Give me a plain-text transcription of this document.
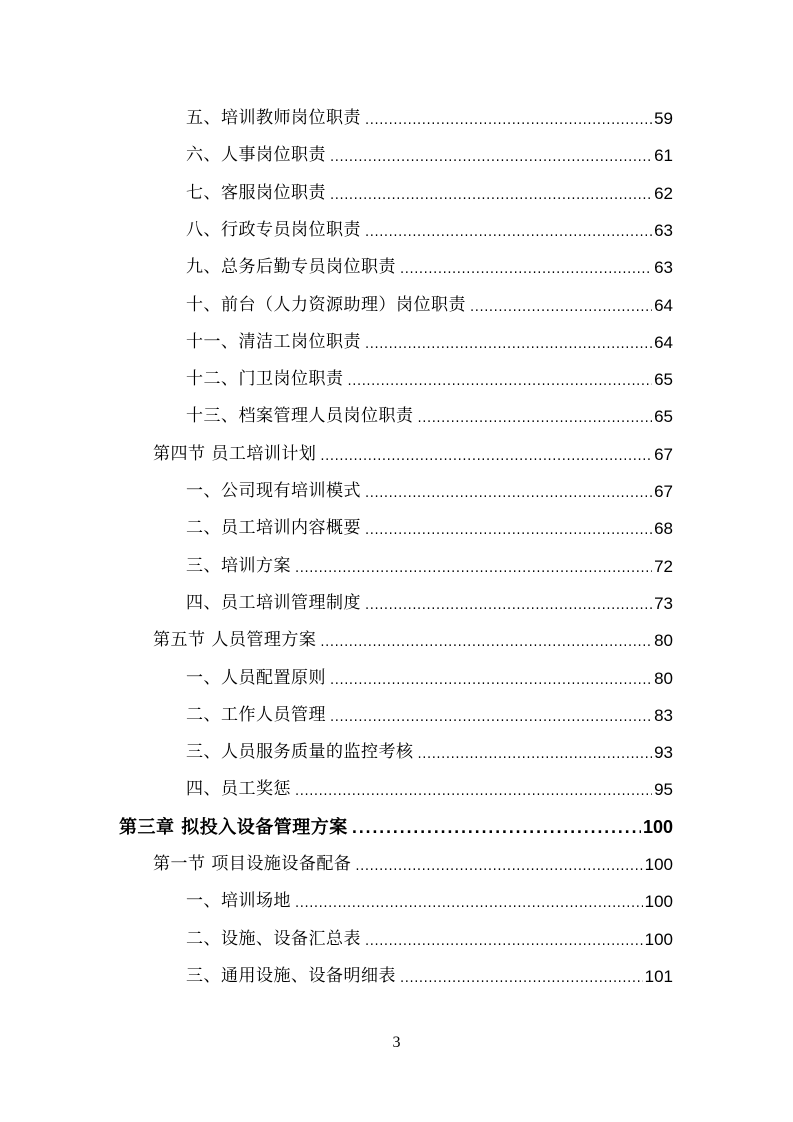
五、培训教师岗位职责 .....	59
六、人事岗位职责 .....	61
七、客服岗位职责 .....	62
八、行政专员岗位职责 .....	63
九、总务后勤专员岗位职责 .....	63
十、前台（人力资源助理）岗位职责 .....	64
十一、清洁工岗位职责 .....	64
十二、门卫岗位职责 .....	65
十三、档案管理人员岗位职责 .....	65
第四节 员工培训计划 .....	67
一、公司现有培训模式 .....	67
二、员工培训内容概要 .....	68
三、培训方案 .....	72
四、员工培训管理制度 .....	73
第五节 人员管理方案 .....	80
一、人员配置原则 .....	80
二、工作人员管理 .....	83
三、人员服务质量的监控考核 .....	93
四、员工奖惩 .....	95
第三章 拟投入设备管理方案 .....	100
第一节 项目设施设备配备 .....	100
一、培训场地 .....	100
二、设施、设备汇总表 .....	100
三、通用设施、设备明细表 .....	101
3
